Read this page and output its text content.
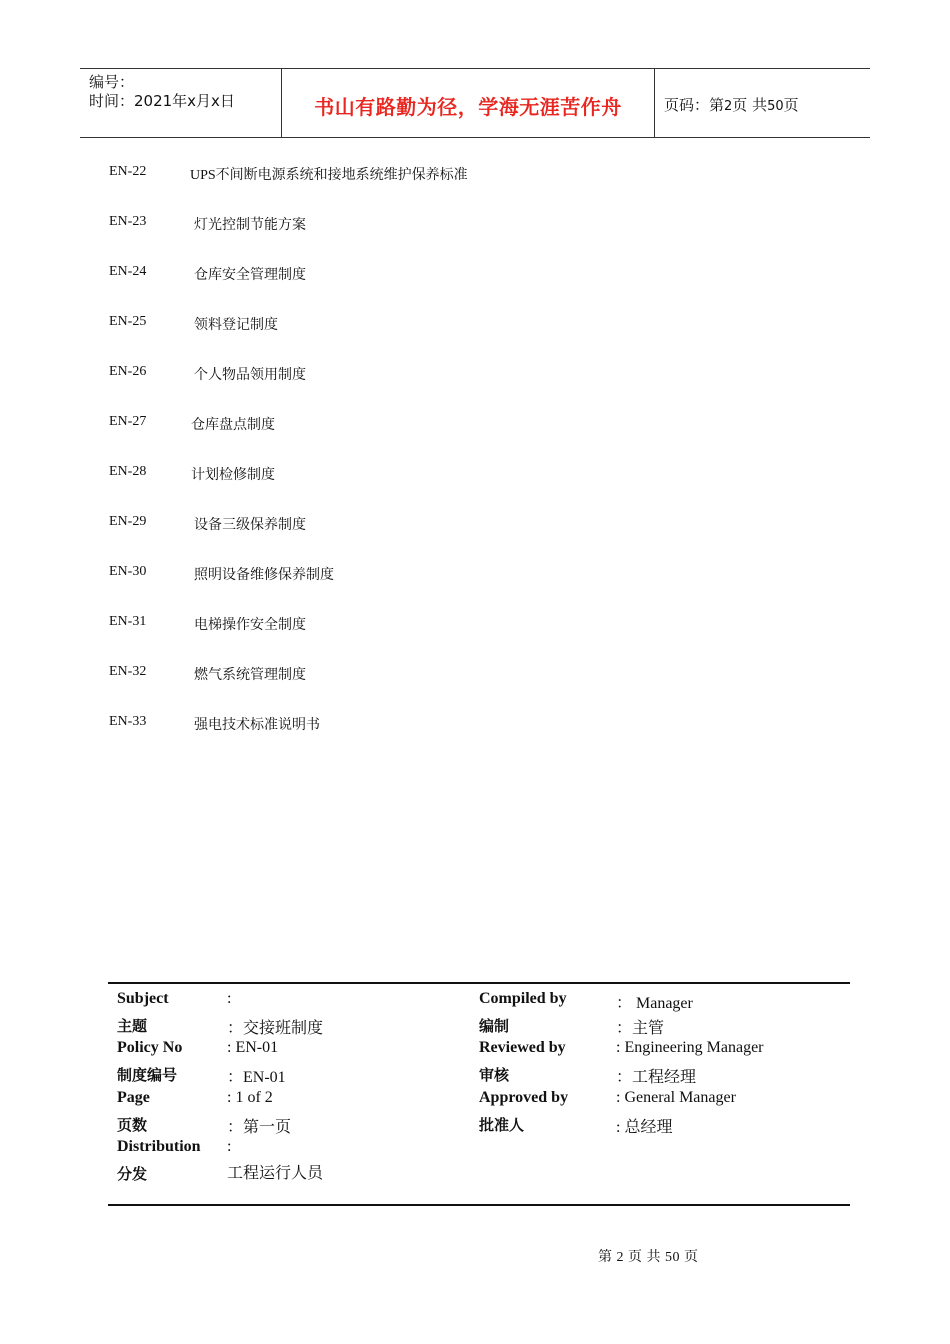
编号：
时间：2021年x月x日	书山有路勤为径，学海无涯苦作舟	页码：第2页 共50页
EN-22	UPS不间断电源系统和接地系统维护保养标准
EN-23	灯光控制节能方案
EN-24	仓库安全管理制度
EN-25	领料登记制度
EN-26	个人物品领用制度
EN-27	仓库盘点制度
EN-28	计划检修制度
EN-29	设备三级保养制度
EN-30	照明设备维修保养制度
EN-31	电梯操作安全制度
EN-32	燃气系统管理制度
EN-33	强电技术标准说明书
Subject	:
主题	：交接班制度
Policy No	: EN-01
制度编号	：EN-01
Page	: 1 of 2
页数	：第一页
Distribution :
分发	工程运行人员
Compiled by	： Manager
编制	：主管
Reviewed by	: Engineering Manager
审核	：工程经理
Approved by	: General Manager
批准人	: 总经理
第 2 页 共 50 页
